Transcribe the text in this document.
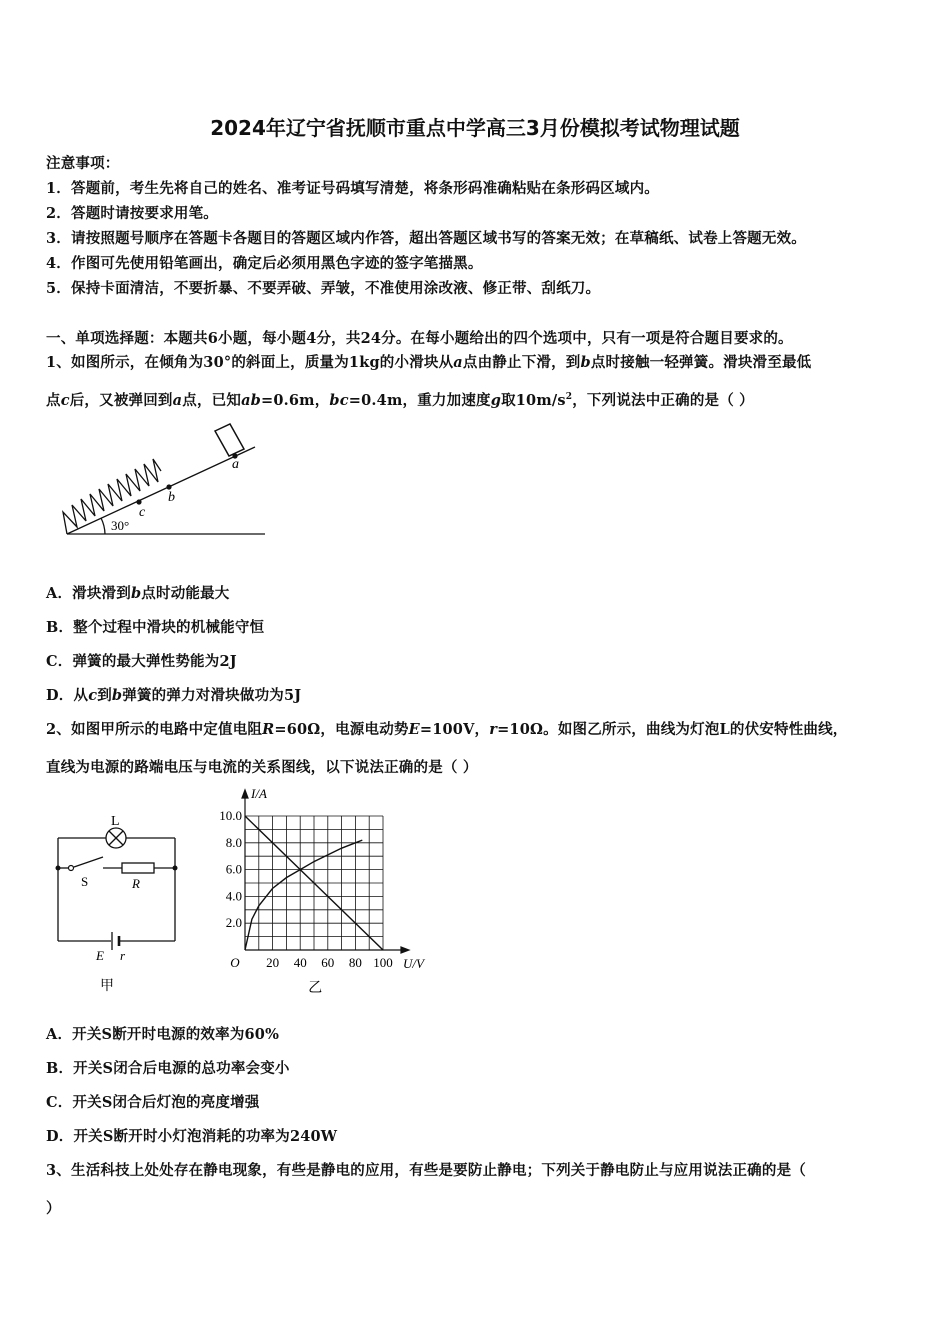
2024年辽宁省抚顺市重点中学高三3月份模拟考试物理试题
注意事项：
1．答题前，考生先将自己的姓名、准考证号码填写清楚，将条形码准确粘贴在条形码区域内。
2．答题时请按要求用笔。
3．请按照题号顺序在答题卡各题目的答题区域内作答，超出答题区域书写的答案无效；在草稿纸、试卷上答题无效。
4．作图可先使用铅笔画出，确定后必须用黑色字迹的签字笔描黑。
5．保持卡面清洁，不要折暴、不要弄破、弄皱，不准使用涂改液、修正带、刮纸刀。
一、单项选择题：本题共6小题，每小题4分，共24分。在每小题给出的四个选项中，只有一项是符合题目要求的。
1、如图所示，在倾角为30°的斜面上，质量为1kg的小滑块从a点由静止下滑，到b点时接触一轻弹簧。滑块滑至最低
点c后，又被弹回到a点，已知ab=0.6m，bc=0.4m，重力加速度g取$10m/s^2$，下列说法中正确的是（ ）
30°
c
b
a
A．滑块滑到b点时动能最大
B．整个过程中滑块的机械能守恒
C．弹簧的最大弹性势能为2J
D．从c到b弹簧的弹力对滑块做功为5J
2、如图甲所示的电路中定值电阻R=60Ω，电源电动势E=100V，r=10Ω。如图乙所示，曲线为灯泡L的伏安特性曲线，
直线为电源的路端电压与电流的关系图线，以下说法正确的是（ ）
L
S	R
E r
甲
O 20 40 60 80 100
2.0
4.0
6.0
8.0
10.0
I/A
U/V
乙
A．开关S断开时电源的效率为60%
B．开关S闭合后电源的总功率会变小
C．开关S闭合后灯泡的亮度增强
D．开关S断开时小灯泡消耗的功率为240W
3、生活科技上处处存在静电现象，有些是静电的应用，有些是要防止静电；下列关于静电防止与应用说法正确的是（
）
